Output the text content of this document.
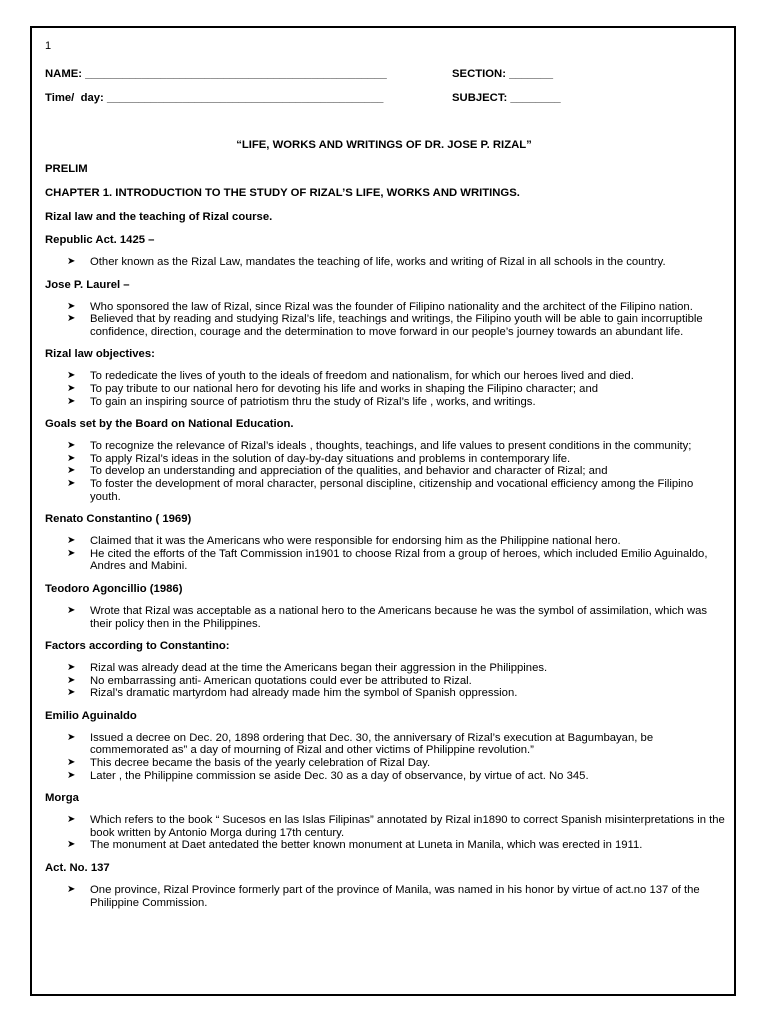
1
NAME: ________________________________________________	SECTION: _______
Time/  day: ____________________________________________	SUBJECT: ________
“LIFE, WORKS AND WRITINGS OF DR. JOSE P. RIZAL”

PRELIM

CHAPTER 1. INTRODUCTION TO THE STUDY OF RIZAL’S LIFE, WORKS AND WRITINGS.

Rizal law and the teaching of Rizal course.

Republic Act. 1425 –

➤ Other known as the Rizal Law, mandates the teaching of life, works and writing of Rizal in all schools in the country.

Jose P. Laurel –

➤ Who sponsored the law of Rizal, since Rizal was the founder of Filipino nationality and the architect of the Filipino nation.
➤ Believed that by reading and studying Rizal’s life, teachings and writings, the Filipino youth will be able to gain incorruptible confidence, direction, courage and the determination to move forward in our people’s journey towards an abundant life.

Rizal law objectives:

➤ To rededicate the lives of youth to the ideals of freedom and nationalism, for which our heroes lived and died.
➤ To pay tribute to our national hero for devoting his life and works in shaping the Filipino character; and
➤ To gain an inspiring source of patriotism thru the study of Rizal’s life , works, and writings.

Goals set by the Board on National Education.

➤ To recognize the relevance of Rizal’s ideals , thoughts, teachings, and life values to present conditions in the community;
➤ To apply Rizal’s ideas in the solution of day-by-day situations and problems in contemporary life.
➤ To develop an understanding and appreciation of the qualities, and behavior and character of Rizal; and
➤ To foster the development of moral character, personal discipline, citizenship and vocational efficiency among the Filipino youth.

Renato Constantino ( 1969)

➤ Claimed that it was the Americans who were responsible for endorsing him as the Philippine national hero.
➤ He cited the efforts of the Taft Commission in1901 to choose Rizal from a group of heroes, which included Emilio Aguinaldo, Andres and Mabini.

Teodoro Agoncillio (1986)

➤ Wrote that Rizal was acceptable as a national hero to the Americans because he was the symbol of assimilation, which was their policy then in the Philippines.

Factors according to Constantino:

➤ Rizal was already dead at the time the Americans began their aggression in the Philippines.
➤ No embarrassing anti- American quotations could ever be attributed to Rizal.
➤ Rizal’s dramatic martyrdom had already made him the symbol of Spanish oppression.

Emilio Aguinaldo

➤ Issued a decree on Dec. 20, 1898 ordering that Dec. 30, the anniversary of Rizal’s execution at Bagumbayan, be commemorated as” a day of mourning of Rizal and other victims of Philippine revolution.”
➤ This decree became the basis of the yearly celebration of Rizal Day.
➤ Later , the Philippine commission se aside Dec. 30 as a day of observance, by virtue of act. No 345.

Morga

➤ Which refers to the book “ Sucesos en las Islas Filipinas” annotated by Rizal in1890 to correct Spanish misinterpretations in the book written by Antonio Morga during 17th century.
➤ The monument at Daet antedated the better known monument at Luneta in Manila, which was erected in 1911.

Act. No. 137

➤ One province, Rizal Province formerly part of the province of Manila, was named in his honor by virtue of act.no 137 of the Philippine Commission.
